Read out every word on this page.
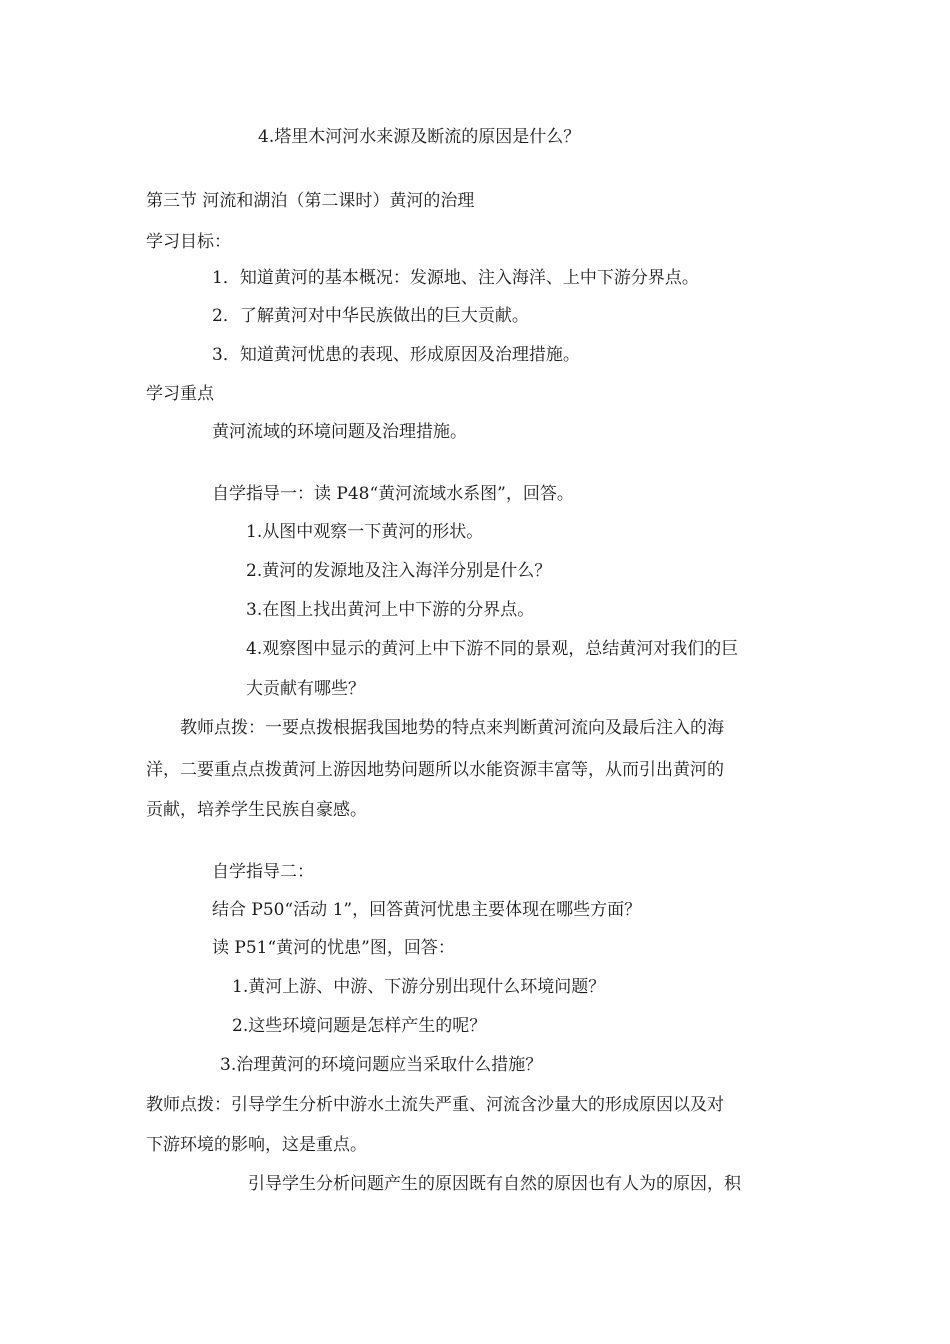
4.塔里木河河水来源及断流的原因是什么？
第三节 河流和湖泊（第二课时）黄河的治理
学习目标：
1．知道黄河的基本概况：发源地、注入海洋、上中下游分界点。
2．了解黄河对中华民族做出的巨大贡献。
3．知道黄河忧患的表现、形成原因及治理措施。
学习重点
黄河流域的环境问题及治理措施。
自学指导一：读 P48“黄河流域水系图”，回答。
1.从图中观察一下黄河的形状。
2.黄河的发源地及注入海洋分别是什么？
3.在图上找出黄河上中下游的分界点。
4.观察图中显示的黄河上中下游不同的景观，总结黄河对我们的巨
大贡献有哪些？
教师点拨：一要点拨根据我国地势的特点来判断黄河流向及最后注入的海
洋，二要重点点拨黄河上游因地势问题所以水能资源丰富等，从而引出黄河的
贡献，培养学生民族自豪感。
自学指导二：
结合 P50“活动 1”，回答黄河忧患主要体现在哪些方面？
读 P51“黄河的忧患”图，回答：
1.黄河上游、中游、下游分别出现什么环境问题？
2.这些环境问题是怎样产生的呢？
3.治理黄河的环境问题应当采取什么措施？
教师点拨：引导学生分析中游水土流失严重、河流含沙量大的形成原因以及对
下游环境的影响，这是重点。
引导学生分析问题产生的原因既有自然的原因也有人为的原因，积
